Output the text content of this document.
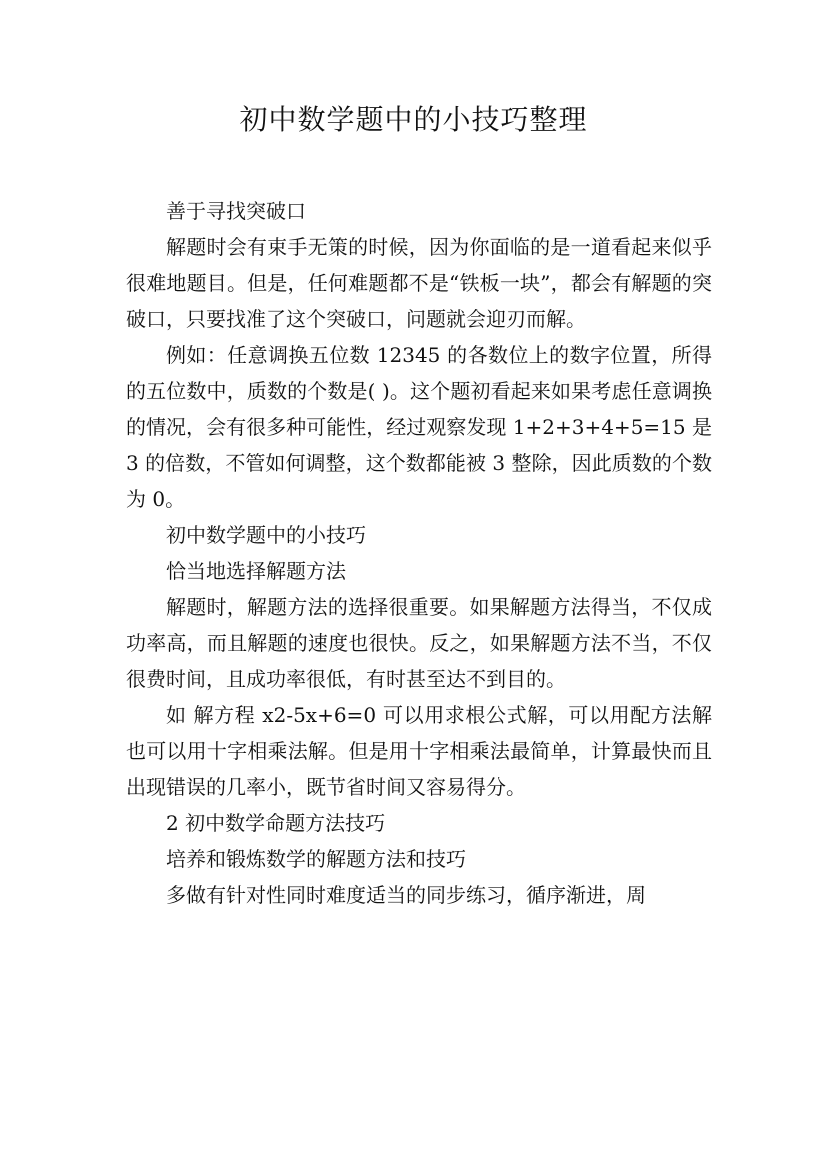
初中数学题中的小技巧整理

善于寻找突破口

解题时会有束手无策的时候，因为你面临的是一道看起来似乎很难地题目。但是，任何难题都不是“铁板一块”，都会有解题的突破口，只要找准了这个突破口，问题就会迎刃而解。

例如：任意调换五位数 12345 的各数位上的数字位置，所得的五位数中，质数的个数是( )。这个题初看起来如果考虑任意调换的情况，会有很多种可能性，经过观察发现 1+2+3+4+5=15 是 3 的倍数，不管如何调整，这个数都能被 3 整除，因此质数的个数为 0。

初中数学题中的小技巧

恰当地选择解题方法

解题时，解题方法的选择很重要。如果解题方法得当，不仅成功率高，而且解题的速度也很快。反之，如果解题方法不当，不仅很费时间，且成功率很低，有时甚至达不到目的。

如 解方程 x2-5x+6=0 可以用求根公式解，可以用配方法解也可以用十字相乘法解。但是用十字相乘法最简单，计算最快而且出现错误的几率小，既节省时间又容易得分。

2 初中数学命题方法技巧

培养和锻炼数学的解题方法和技巧

多做有针对性同时难度适当的同步练习，循序渐进，周
